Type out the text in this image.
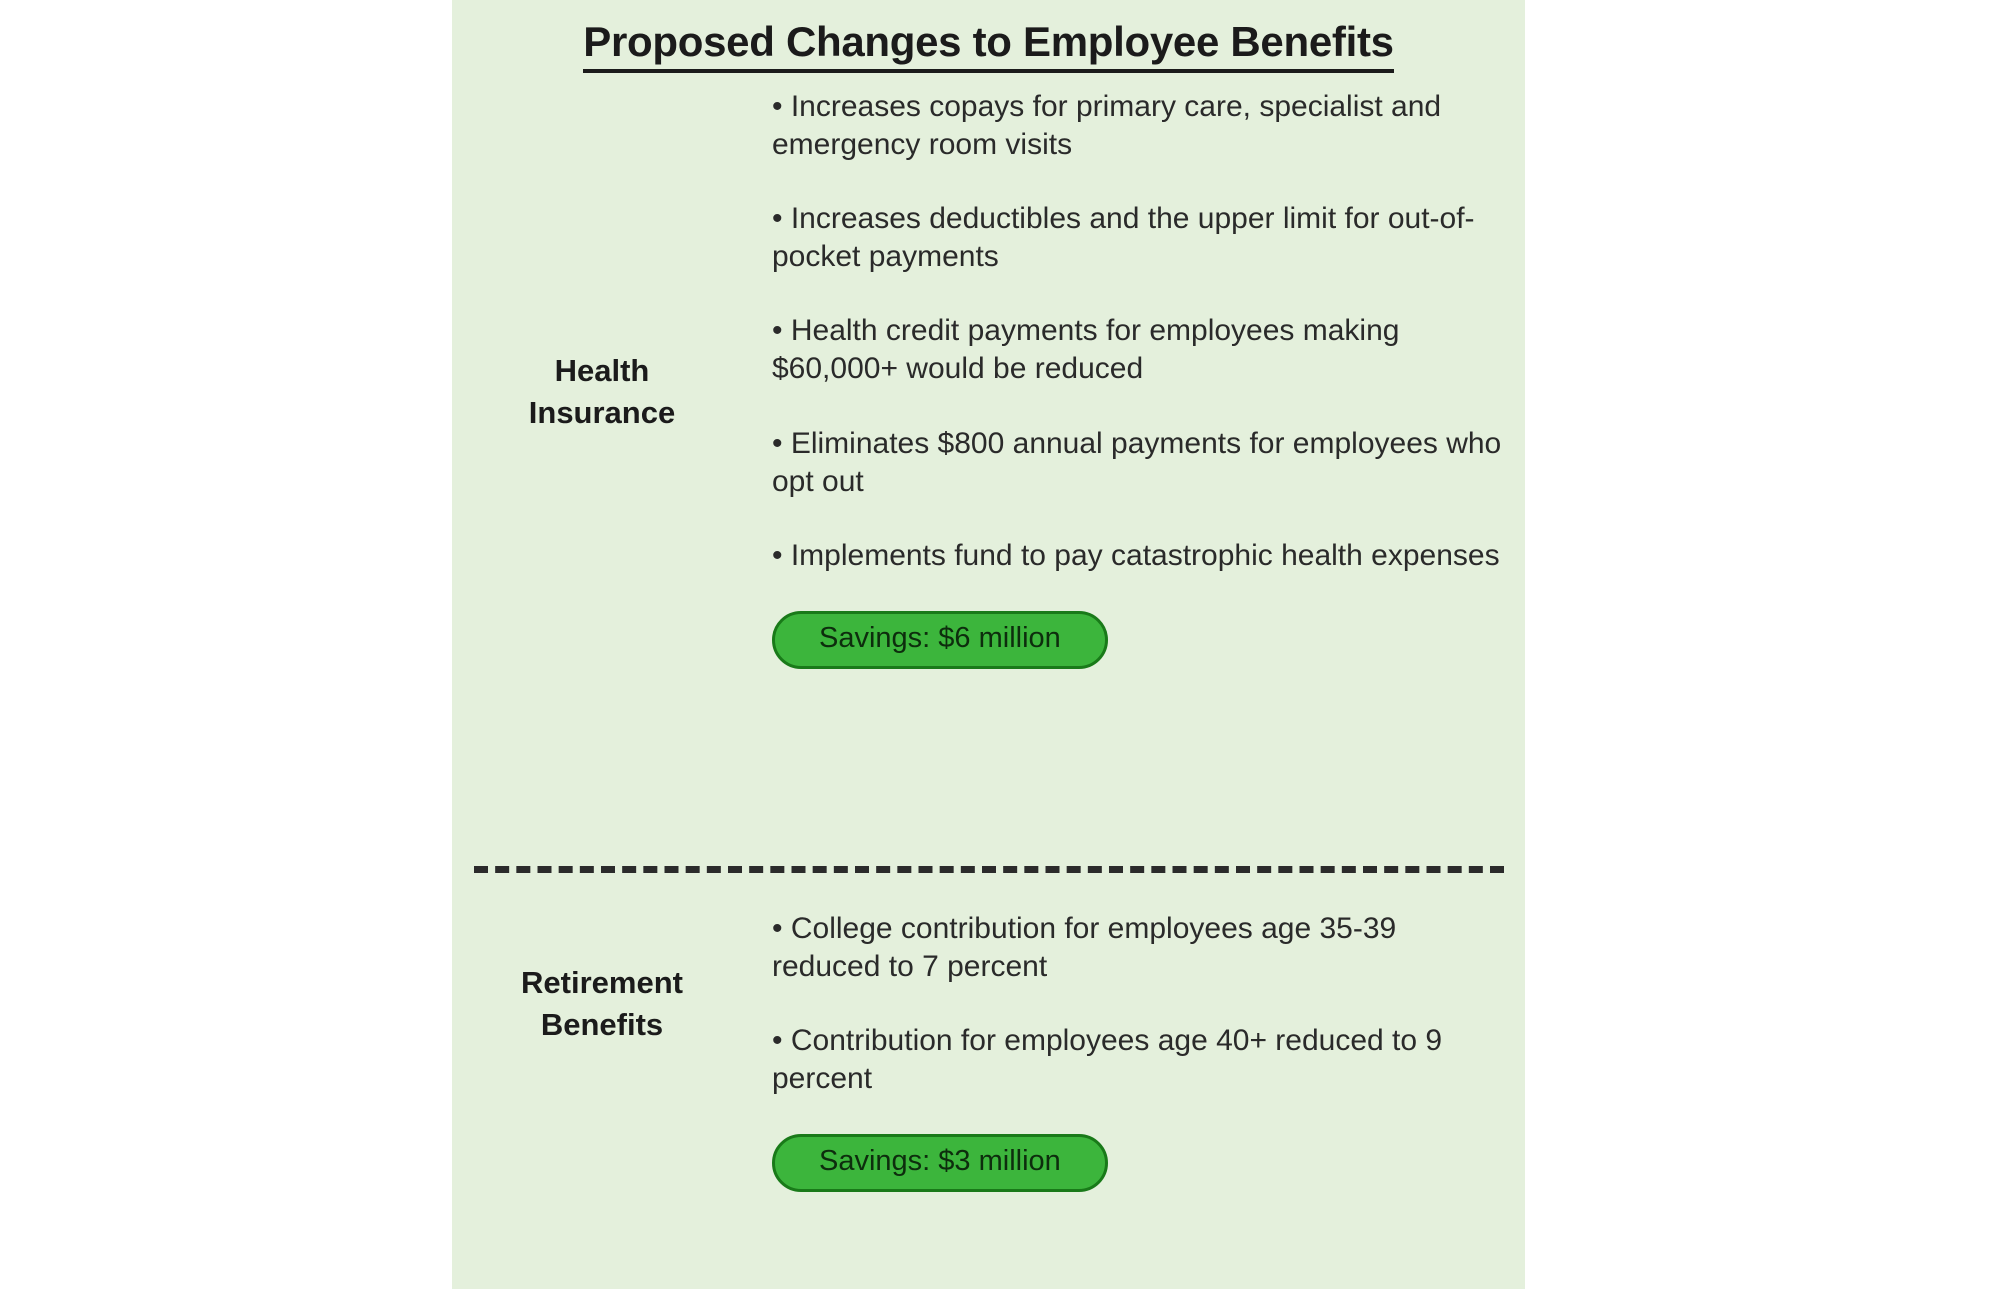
Proposed Changes to Employee Benefits
Health
Insurance
• Increases copays for primary care, specialist and emergency room visits
• Increases deductibles and the upper limit for out-of-pocket payments
• Health credit payments for employees making $60,000+ would be reduced
• Eliminates $800 annual payments for employees who opt out
• Implements fund to pay catastrophic health expenses
Savings: $6 million
Retirement
Benefits
• College contribution for employees age 35-39 reduced to 7 percent
• Contribution for employees age 40+ reduced to 9 percent
Savings: $3 million
